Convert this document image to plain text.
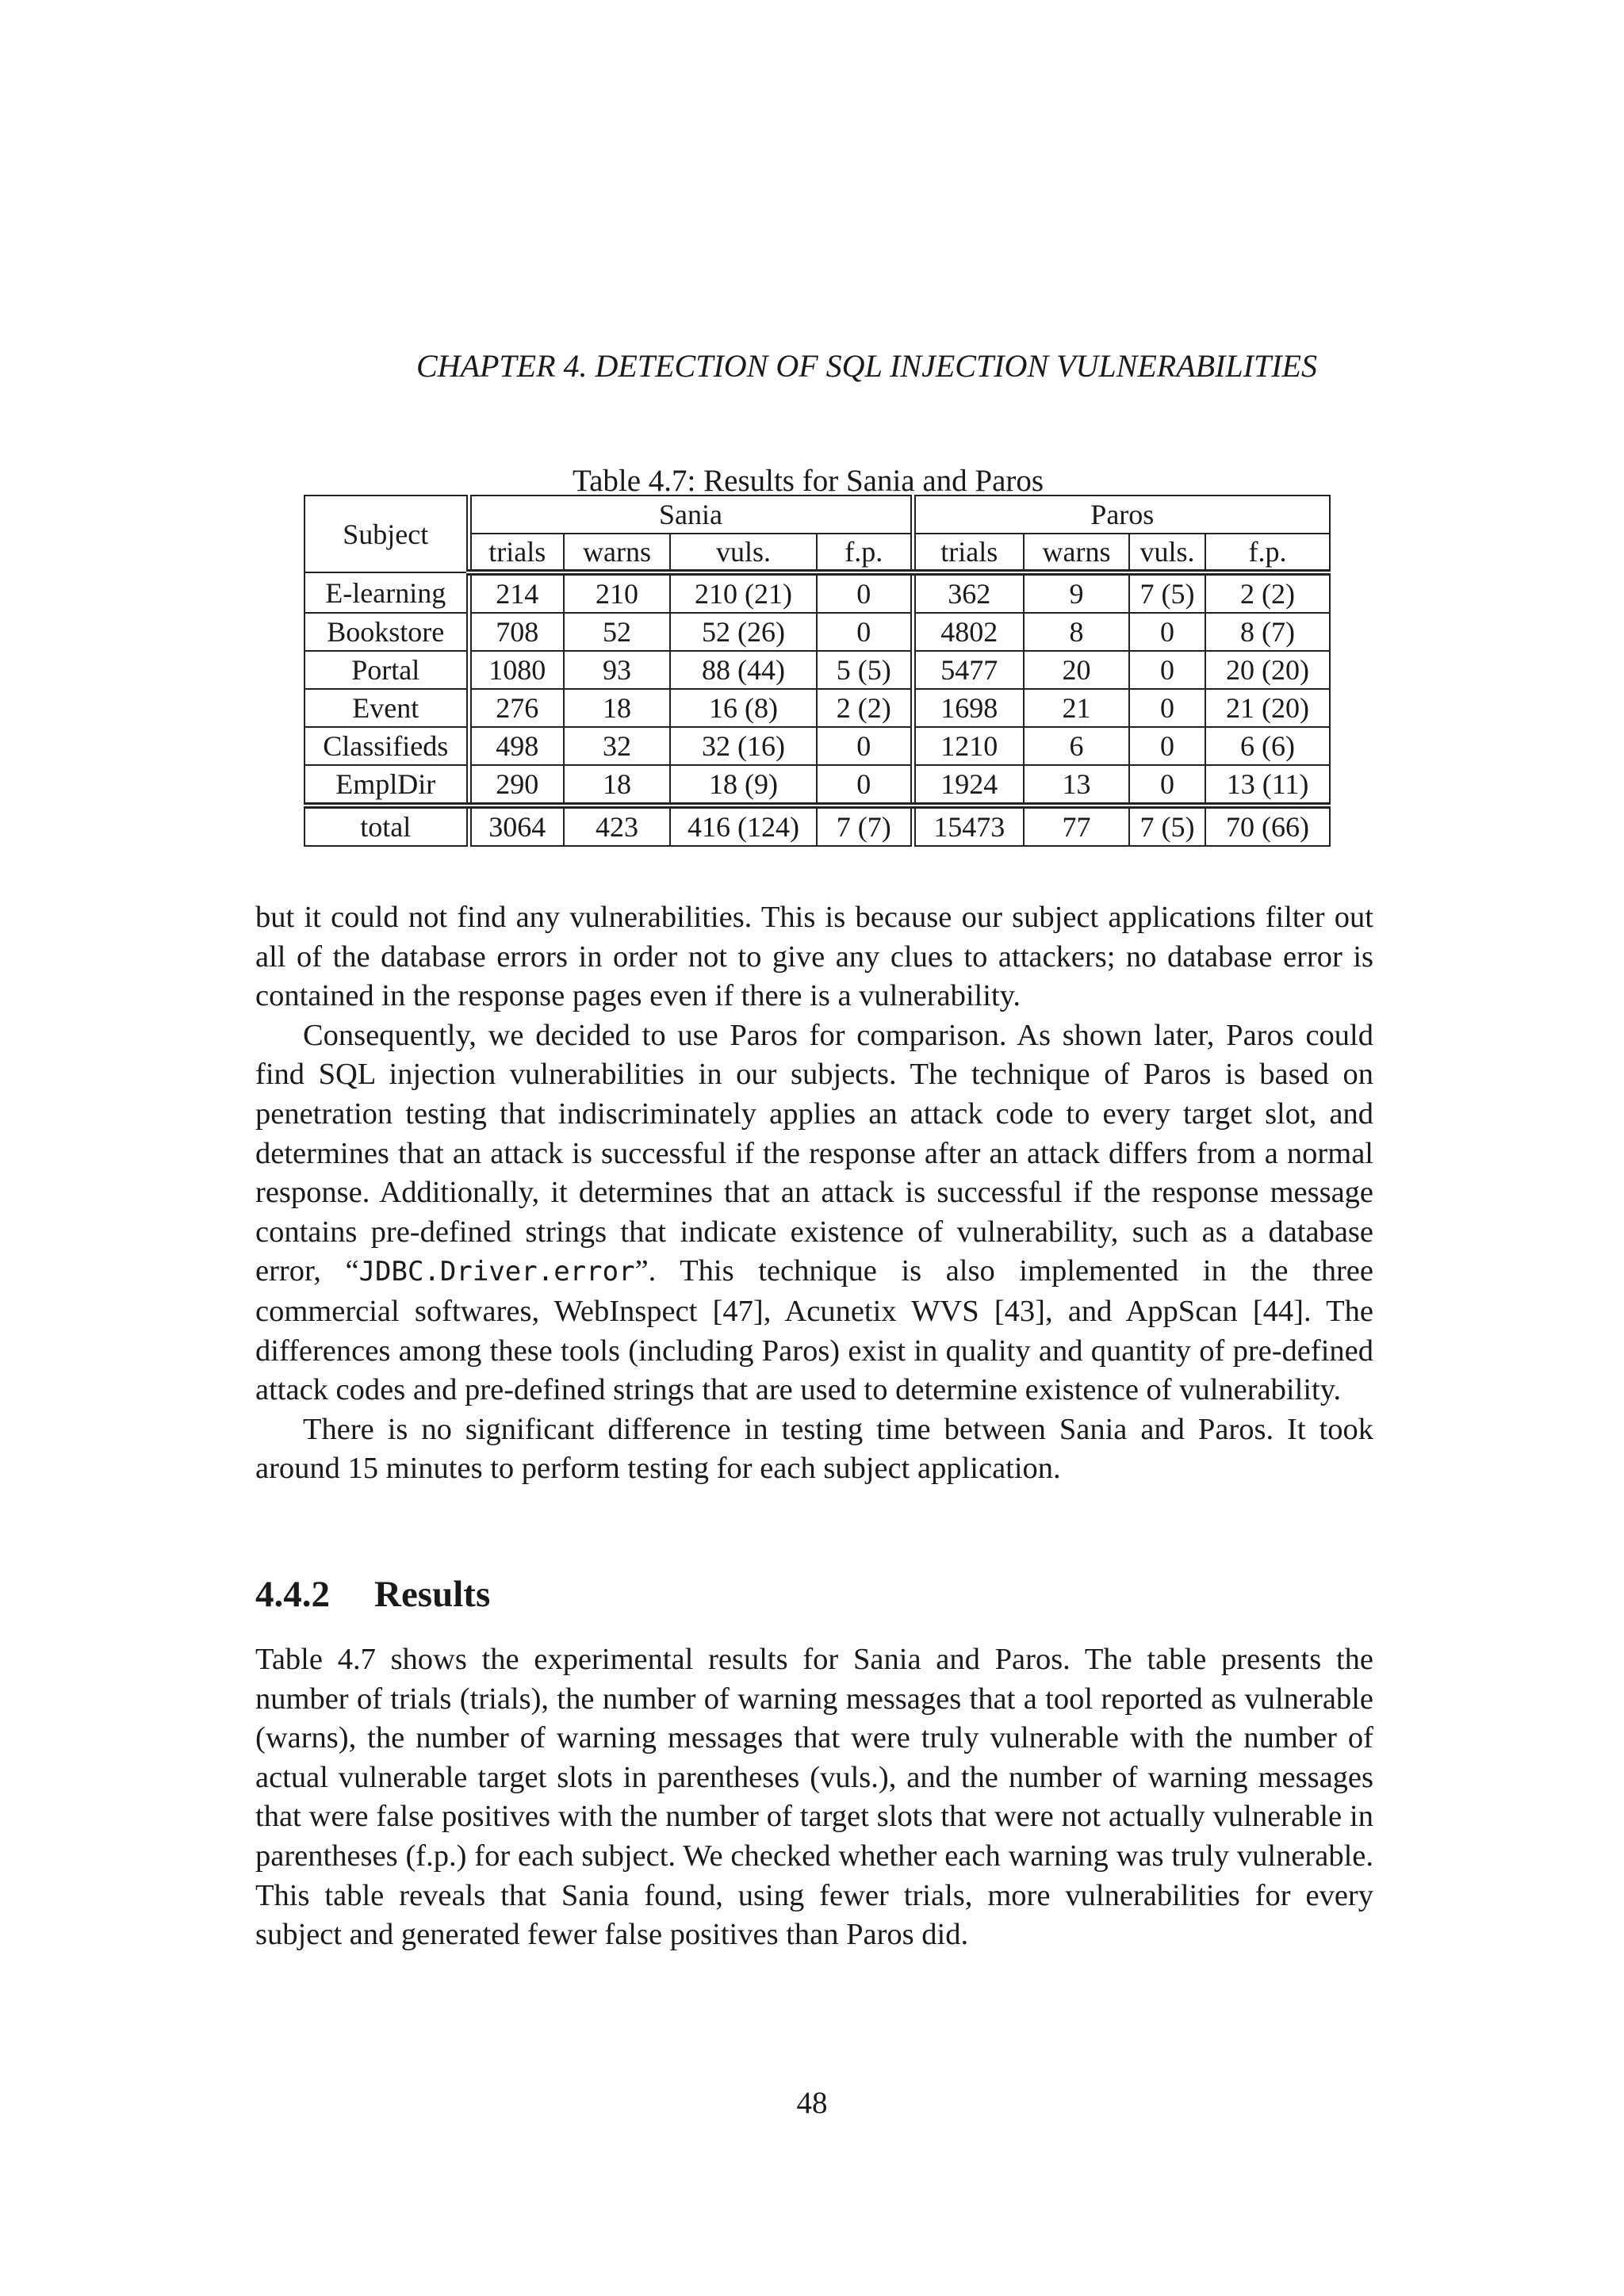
CHAPTER 4. DETECTION OF SQL INJECTION VULNERABILITIES
Table 4.7: Results for Sania and Paros
Subject	Sania				Paros			
	trials	warns	vuls.	f.p.	trials	warns	vuls.	f.p.
E-learning	214	210	210 (21)	0	362	9	7 (5)	2 (2)
Bookstore	708	52	52 (26)	0	4802	8	0	8 (7)
Portal	1080	93	88 (44)	5 (5)	5477	20	0	20 (20)
Event	276	18	16 (8)	2 (2)	1698	21	0	21 (20)
Classifieds	498	32	32 (16)	0	1210	6	0	6 (6)
EmplDir	290	18	18 (9)	0	1924	13	0	13 (11)
total	3064	423	416 (124)	7 (7)	15473	77	7 (5)	70 (66)

but it could not find any vulnerabilities. This is because our subject applications filter out all of the database errors in order not to give any clues to attackers; no database error is contained in the response pages even if there is a vulnerability.

Consequently, we decided to use Paros for comparison. As shown later, Paros could find SQL injection vulnerabilities in our subjects. The technique of Paros is based on penetration testing that indiscriminately applies an attack code to every target slot, and determines that an attack is successful if the response after an attack differs from a normal response. Additionally, it determines that an attack is successful if the response message contains pre-defined strings that indicate existence of vulnerability, such as a database error, “JDBC.Driver.error”. This technique is also implemented in the three commercial softwares, WebInspect [47], Acunetix WVS [43], and AppScan [44]. The differences among these tools (including Paros) exist in quality and quantity of pre-defined attack codes and pre-defined strings that are used to determine existence of vulnerability.

There is no significant difference in testing time between Sania and Paros. It took around 15 minutes to perform testing for each subject application.

4.4.2 Results

Table 4.7 shows the experimental results for Sania and Paros. The table presents the number of trials (trials), the number of warning messages that a tool reported as vulnerable (warns), the number of warning messages that were truly vulnerable with the number of actual vulnerable target slots in parentheses (vuls.), and the number of warning messages that were false positives with the number of target slots that were not actually vulnerable in parentheses (f.p.) for each subject. We checked whether each warning was truly vulnerable. This table reveals that Sania found, using fewer trials, more vulnerabilities for every subject and generated fewer false positives than Paros did.

48
